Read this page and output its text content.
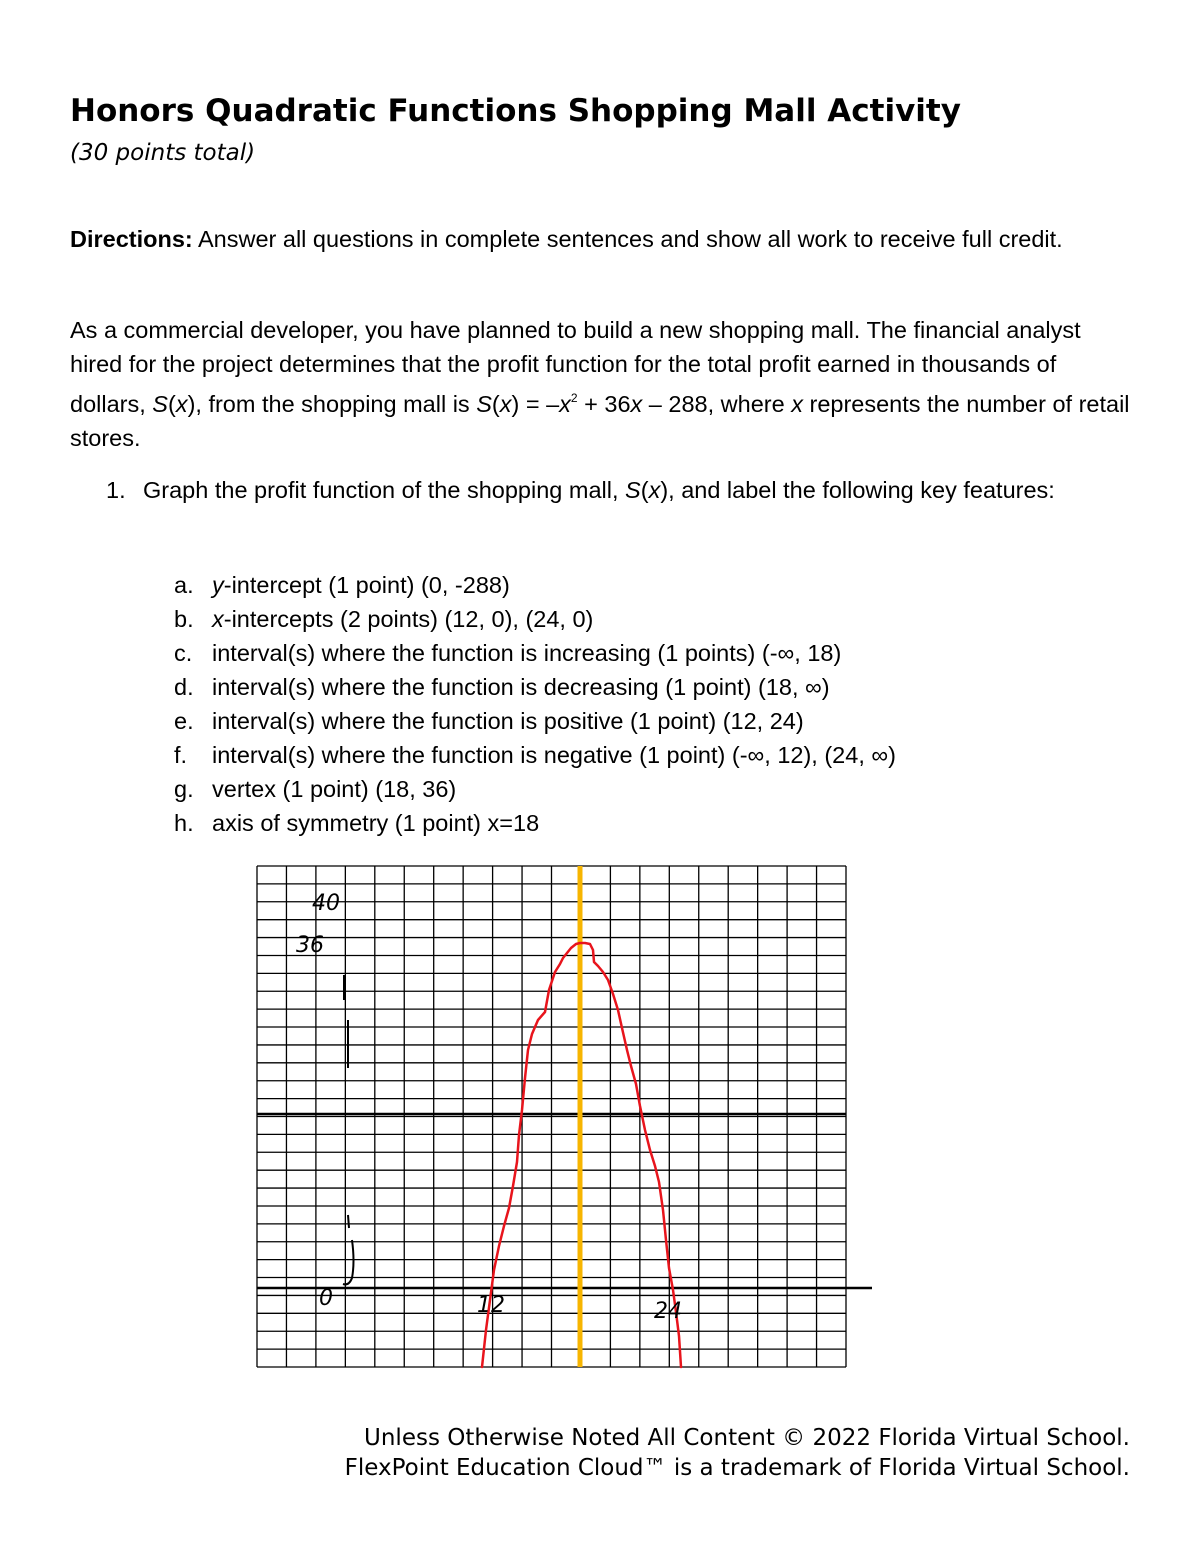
Honors Quadratic Functions Shopping Mall Activity
(30 points total)
Directions: Answer all questions in complete sentences and show all work to receive full credit.
As a commercial developer, you have planned to build a new shopping mall. The financial analyst hired for the project determines that the profit function for the total profit earned in thousands of dollars, S(x), from the shopping mall is $S(x) = -x^2 + 36x - 288$, where x represents the number of retail stores.
1. Graph the profit function of the shopping mall, S(x), and label the following key features:
a. y-intercept (1 point) (0, -288)
b. x-intercepts (2 points) (12, 0), (24, 0)
c. interval(s) where the function is increasing (1 points) (-∞, 18)
d. interval(s) where the function is decreasing (1 point) (18, ∞)
e. interval(s) where the function is positive (1 point) (12, 24)
f.	interval(s) where the function is negative (1 point) (-∞, 12), (24, ∞)
g. vertex (1 point) (18, 36)
h. axis of symmetry (1 point) x=18
40
36
0	12	24
Unless Otherwise Noted All Content © 2022 Florida Virtual School.
FlexPoint Education Cloud™ is a trademark of Florida Virtual School.
